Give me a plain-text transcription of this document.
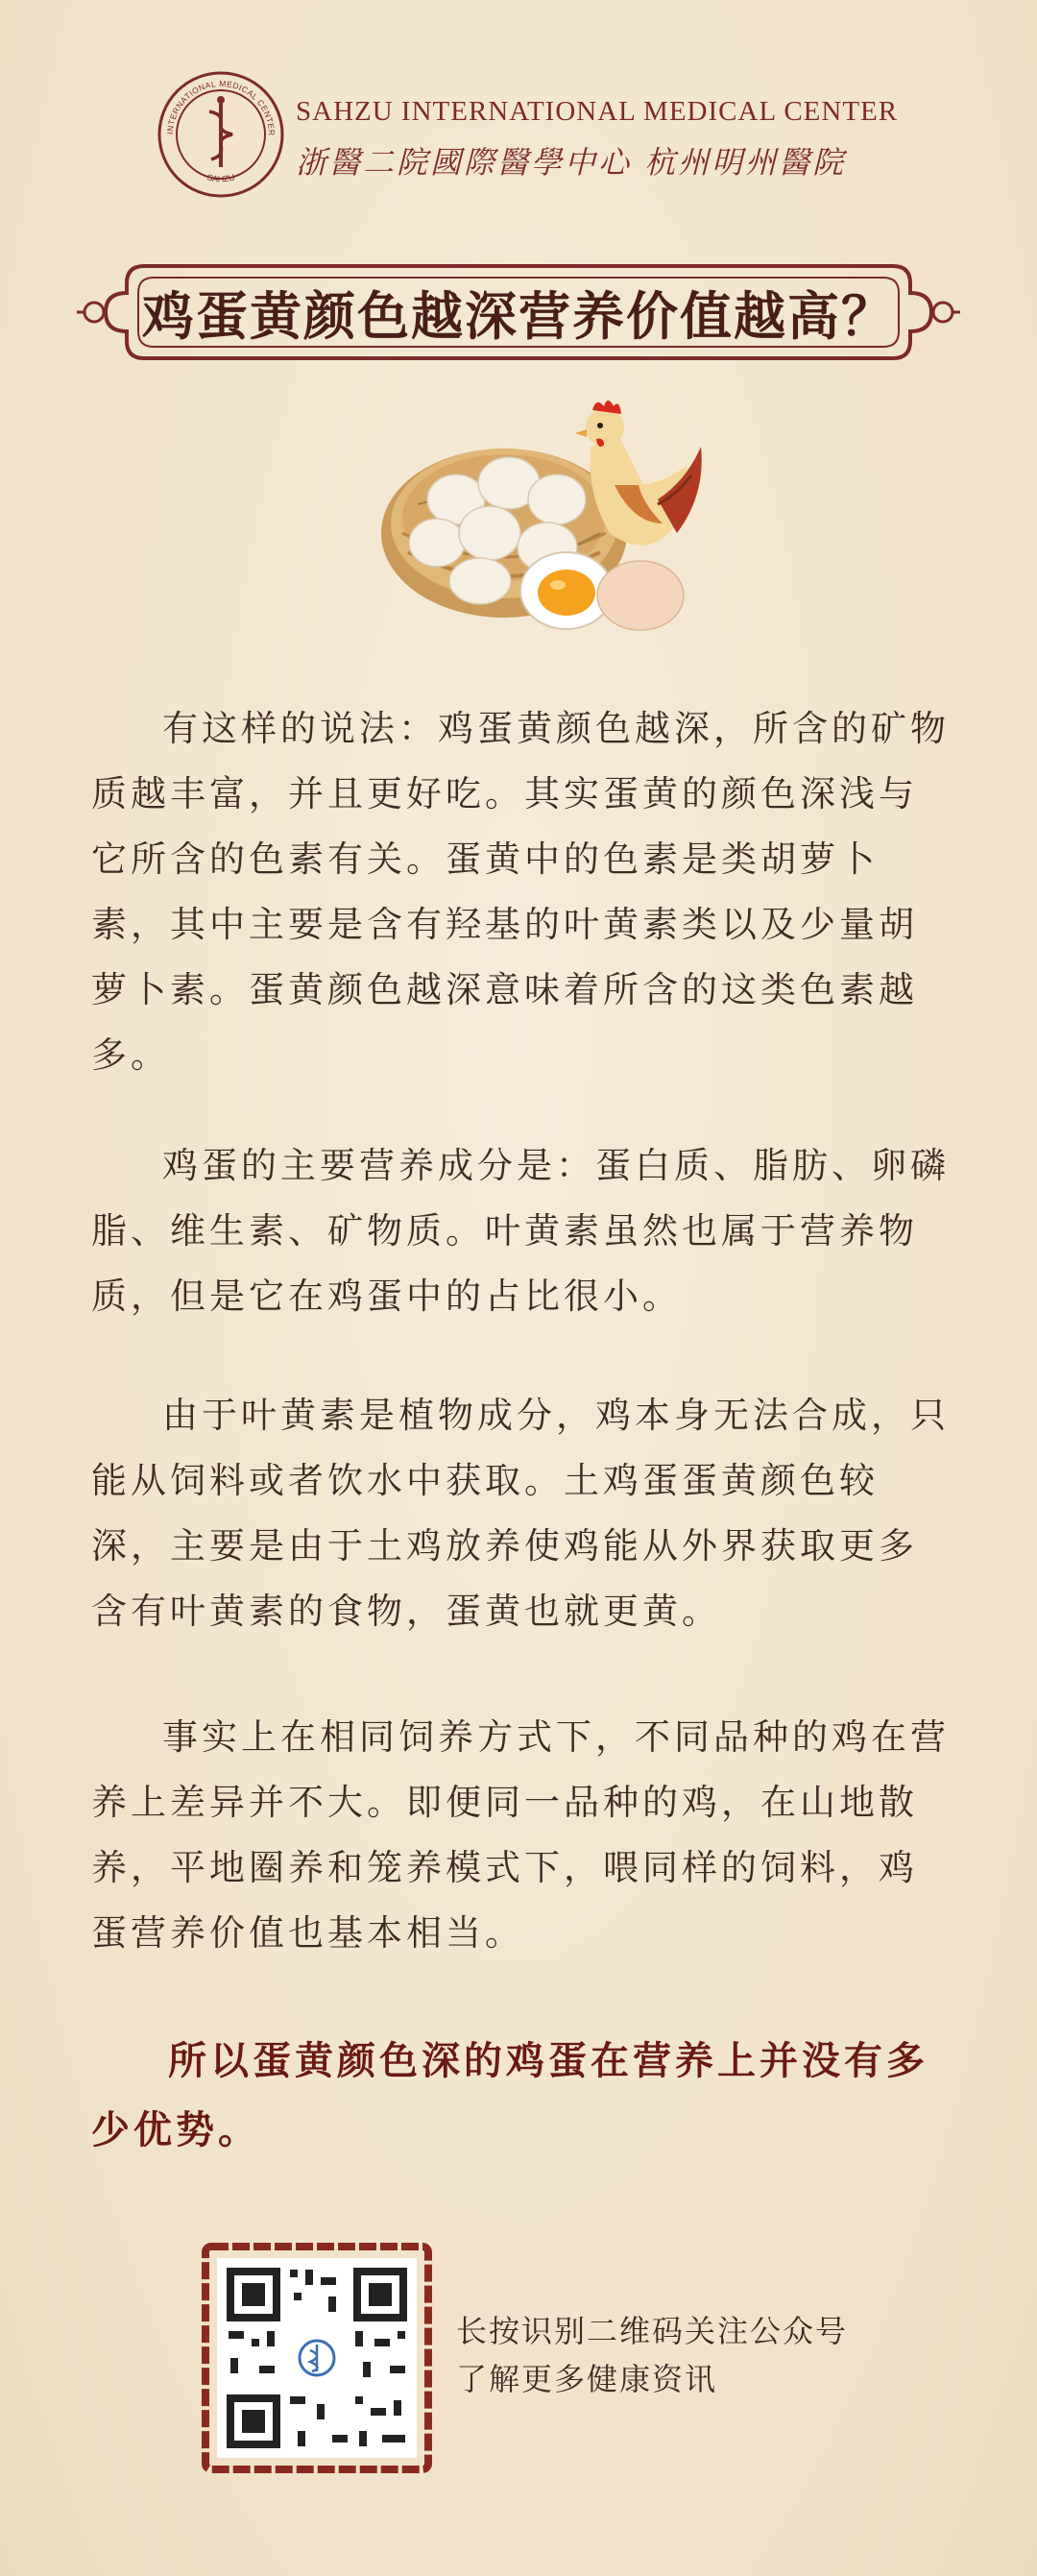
INTERNATIONAL MEDICAL CENTER
SAHZU
SAHZU INTERNATIONAL MEDICAL CENTER
浙醫二院國際醫學中心 杭州明州醫院
鸡蛋黄颜色越深营养价值越高？
有这样的说法：鸡蛋黄颜色越深，所含的矿物质越丰富，并且更好吃。其实蛋黄的颜色深浅与它所含的色素有关。蛋黄中的色素是类胡萝卜素，其中主要是含有羟基的叶黄素类以及少量胡萝卜素。蛋黄颜色越深意味着所含的这类色素越多。
鸡蛋的主要营养成分是：蛋白质、脂肪、卵磷脂、维生素、矿物质。叶黄素虽然也属于营养物质，但是它在鸡蛋中的占比很小。
由于叶黄素是植物成分，鸡本身无法合成，只能从饲料或者饮水中获取。土鸡蛋蛋黄颜色较深，主要是由于土鸡放养使鸡能从外界获取更多含有叶黄素的食物，蛋黄也就更黄。
事实上在相同饲养方式下，不同品种的鸡在营养上差异并不大。即便同一品种的鸡，在山地散养，平地圈养和笼养模式下，喂同样的饲料，鸡蛋营养价值也基本相当。
所以蛋黄颜色深的鸡蛋在营养上并没有多少优势。
长按识别二维码关注公众号
了解更多健康资讯
